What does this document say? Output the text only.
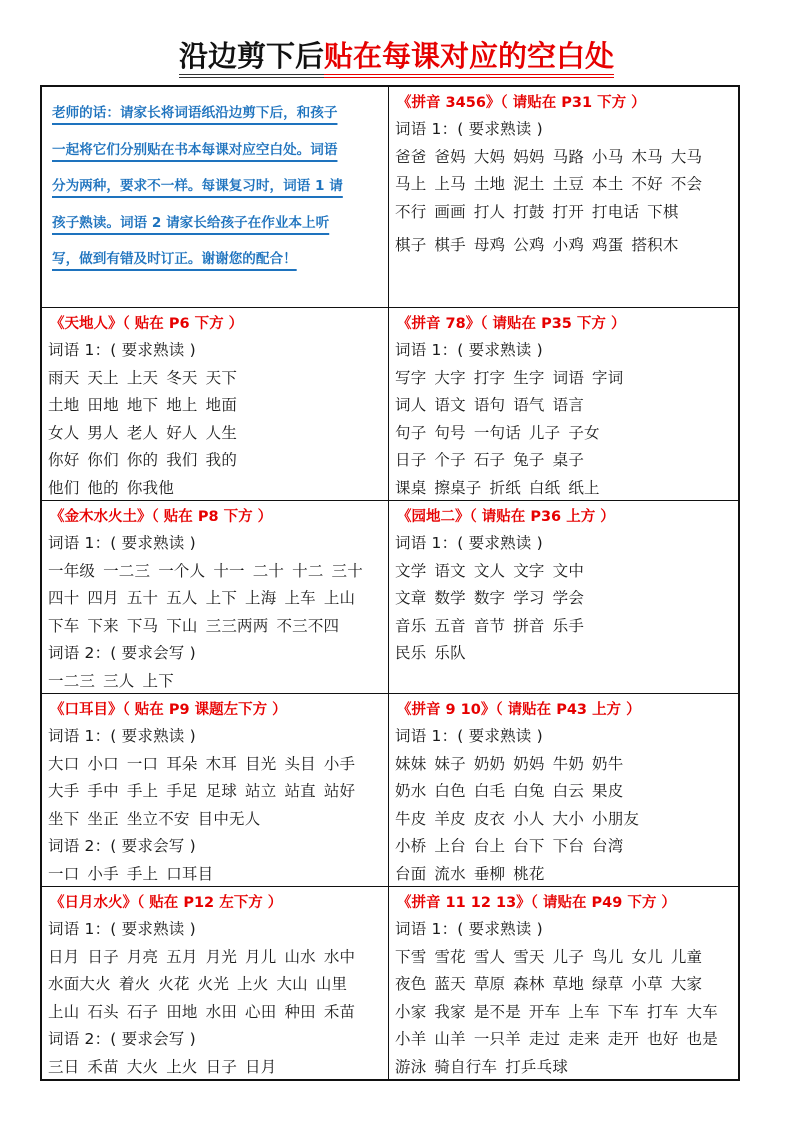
沿边剪下后贴在每课对应的空白处
老师的话：请家长将词语纸沿边剪下后，和孩子
一起将它们分别贴在书本每课对应空白处。词语
分为两种，要求不一样。每课复习时，词语 1 请
孩子熟读。词语 2 请家长给孩子在作业本上听
写，做到有错及时订正。谢谢您的配合！
《拼音 3456》（ 请贴在 P31 下方 ）
词语 1：( 要求熟读 )
爸爸 爸妈 大妈 妈妈 马路 小马 木马 大马
马上 上马 土地 泥土 土豆 本土 不好 不会
不行 画画 打人 打鼓 打开 打电话 下棋
棋子 棋手 母鸡 公鸡 小鸡 鸡蛋 搭积木
《天地人》（ 贴在 P6 下方 ）
词语 1：( 要求熟读 )
雨天 天上 上天 冬天 天下
土地 田地 地下 地上 地面
女人 男人 老人 好人 人生
你好 你们 你的 我们 我的
他们 他的 你我他
《拼音 78》（ 请贴在 P35 下方 ）
词语 1：( 要求熟读 )
写字 大字 打字 生字 词语 字词
词人 语文 语句 语气 语言
句子 句号 一句话 儿子 子女
日子 个子 石子 兔子 桌子
课桌 擦桌子 折纸 白纸 纸上
《金木水火土》（ 贴在 P8 下方 ）
词语 1：( 要求熟读 )
一年级 一二三 一个人 十一 二十 十二 三十
四十 四月 五十 五人 上下 上海 上车 上山
下车 下来 下马 下山 三三两两 不三不四
词语 2：( 要求会写 )
一二三 三人 上下
《园地二》（ 请贴在 P36 上方 ）
词语 1：( 要求熟读 )
文学 语文 文人 文字 文中
文章 数学 数字 学习 学会
音乐 五音 音节 拼音 乐手
民乐 乐队
《口耳目》（ 贴在 P9 课题左下方 ）
词语 1：( 要求熟读 )
大口 小口 一口 耳朵 木耳 目光 头目 小手
大手 手中 手上 手足 足球 站立 站直 站好
坐下 坐正 坐立不安 目中无人
词语 2：( 要求会写 )
一口 小手 手上 口耳目
《拼音 9 10》（ 请贴在 P43 上方 ）
词语 1：( 要求熟读 )
妹妹 妹子 奶奶 奶妈 牛奶 奶牛
奶水 白色 白毛 白兔 白云 果皮
牛皮 羊皮 皮衣 小人 大小 小朋友
小桥 上台 台上 台下 下台 台湾
台面 流水 垂柳 桃花
《日月水火》（ 贴在 P12 左下方 ）
词语 1：( 要求熟读 )
日月 日子 月亮 五月 月光 月儿 山水 水中
水面大火 着火 火花 火光 上火 大山 山里
上山 石头 石子 田地 水田 心田 种田 禾苗
词语 2：( 要求会写 )
三日 禾苗 大火 上火 日子 日月
《拼音 11 12 13》（ 请贴在 P49 下方 ）
词语 1：( 要求熟读 )
下雪 雪花 雪人 雪天 儿子 鸟儿 女儿 儿童
夜色 蓝天 草原 森林 草地 绿草 小草 大家
小家 我家 是不是 开车 上车 下车 打车 大车
小羊 山羊 一只羊 走过 走来 走开 也好 也是
游泳 骑自行车 打乒乓球
